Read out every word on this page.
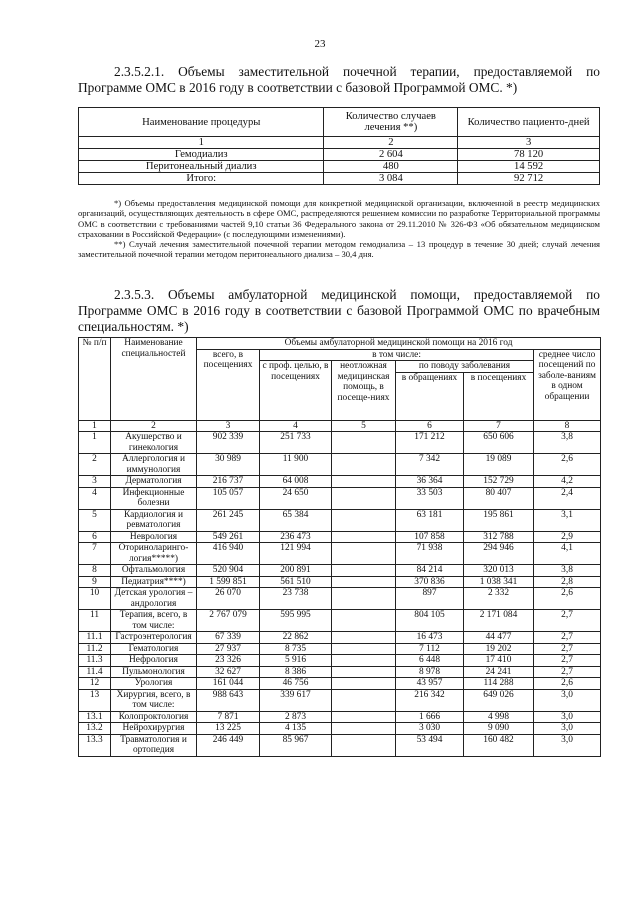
23
2.3.5.2.1. Объемы заместительной почечной терапии, предоставляемой по Программе ОМС в 2016 году в соответствии с базовой Программой ОМС. *)
Наименование процедуры	Количество случаев лечения **)	Количество пациенто-дней
1	2	3
Гемодиализ	2 604	78 120
Перитонеальный диализ	480	14 592
Итого:	3 084	92 712

*) Объемы предоставления медицинской помощи для конкретной медицинской организации, включенной в реестр медицинских организаций, осуществляющих деятельность в сфере ОМС, распределяются решением комиссии по разработке Территориальной программы ОМС в соответствии с требованиями частей 9,10 статьи 36 Федерального закона от 29.11.2010 № 326-ФЗ «Об обязательном медицинском страховании в Российской Федерации» (с последующими изменениями).

**) Случай лечения заместительной почечной терапии методом гемодиализа – 13 процедур в течение 30 дней; случай лечения заместительной почечной терапии методом перитонеального диализа – 30,4 дня.

2.3.5.3. Объемы амбулаторной медицинской помощи, предоставляемой по Программе ОМС в 2016 году в соответствии с базовой Программой ОМС по врачебным специальностям. *)
№ п/п	Наименование специальностей	Объемы амбулаторной медицинской помощи на 2016 год					
		всего, в посещениях	в том числе:				среднее число посещений по заболе-ваниям в одном обращении
			с проф. целью, в посещениях	неотложная медицинская помощь, в посеще-ниях	по поводу заболевания		
					в обращениях	в посещениях	
1	2	3	4	5	6	7	8
1	Акушерство и гинекология	902 339	251 733		171 212	650 606	3,8
2	Аллергология и иммунология	30 989	11 900		7 342	19 089	2,6
3	Дерматология	216 737	64 008		36 364	152 729	4,2
4	Инфекционные болезни	105 057	24 650		33 503	80 407	2,4
5	Кардиология и ревматология	261 245	65 384		63 181	195 861	3,1
6	Неврология	549 261	236 473		107 858	312 788	2,9
7	Оториноларинго-логия*****)	416 940	121 994		71 938	294 946	4,1
8	Офтальмология	520 904	200 891		84 214	320 013	3,8
9	Педиатрия****)	1 599 851	561 510		370 836	1 038 341	2,8
10	Детская урология – андрология	26 070	23 738		897	2 332	2,6
11	Терапия, всего, в том числе:	2 767 079	595 995		804 105	2 171 084	2,7
11.1	Гастроэнтерология	67 339	22 862		16 473	44 477	2,7
11.2	Гематология	27 937	8 735		7 112	19 202	2,7
11.3	Нефрология	23 326	5 916		6 448	17 410	2,7
11.4	Пульмонология	32 627	8 386		8 978	24 241	2,7
12	Урология	161 044	46 756		43 957	114 288	2,6
13	Хирургия, всего, в том числе:	988 643	339 617		216 342	649 026	3,0
13.1	Колопроктология	7 871	2 873		1 666	4 998	3,0
13.2	Нейрохирургия	13 225	4 135		3 030	9 090	3,0
13.3	Травматология и ортопедия	246 449	85 967		53 494	160 482	3,0
